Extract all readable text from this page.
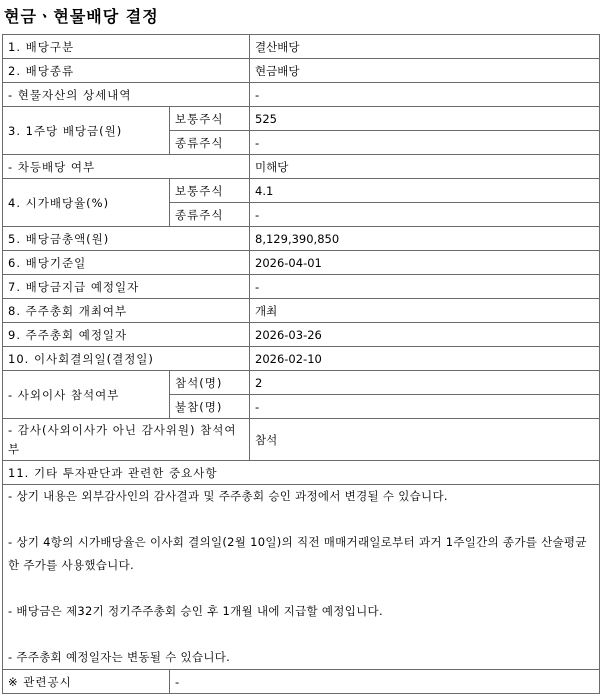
현금ㆍ현물배당 결정
1. 배당구분		결산배당
2. 배당종류		현금배당
- 현물자산의 상세내역		-
3. 1주당 배당금(원)	보통주식	525
	종류주식	-
- 차등배당 여부		미해당
4. 시가배당율(%)	보통주식	4.1
	종류주식	-
5. 배당금총액(원)		8,129,390,850
6. 배당기준일		2026-04-01
7. 배당금지급 예정일자		-
8. 주주총회 개최여부		개최
9. 주주총회 예정일자		2026-03-26
10. 이사회결의일(결정일)		2026-02-10
- 사외이사 참석여부	참석(명)	2
	불참(명)	-
- 감사(사외이사가 아닌 감사위원) 참석여부		참석
11. 기타 투자판단과 관련한 중요사항		

- 상기 내용은 외부감사인의 감사결과 및 주주총회 승인 과정에서 변경될 수 있습니다.
- 상기 4항의 시가배당율은 이사회 결의일(2월 10일)의 직전 매매거래일로부터 과거 1주일간의 종가를 산술평균한 주가를 사용했습니다.
- 배당금은 제32기 정기주주총회 승인 후 1개월 내에 지급할 예정입니다.
- 주주총회 예정일자는 변동될 수 있습니다.		

※ 관련공시	-	
